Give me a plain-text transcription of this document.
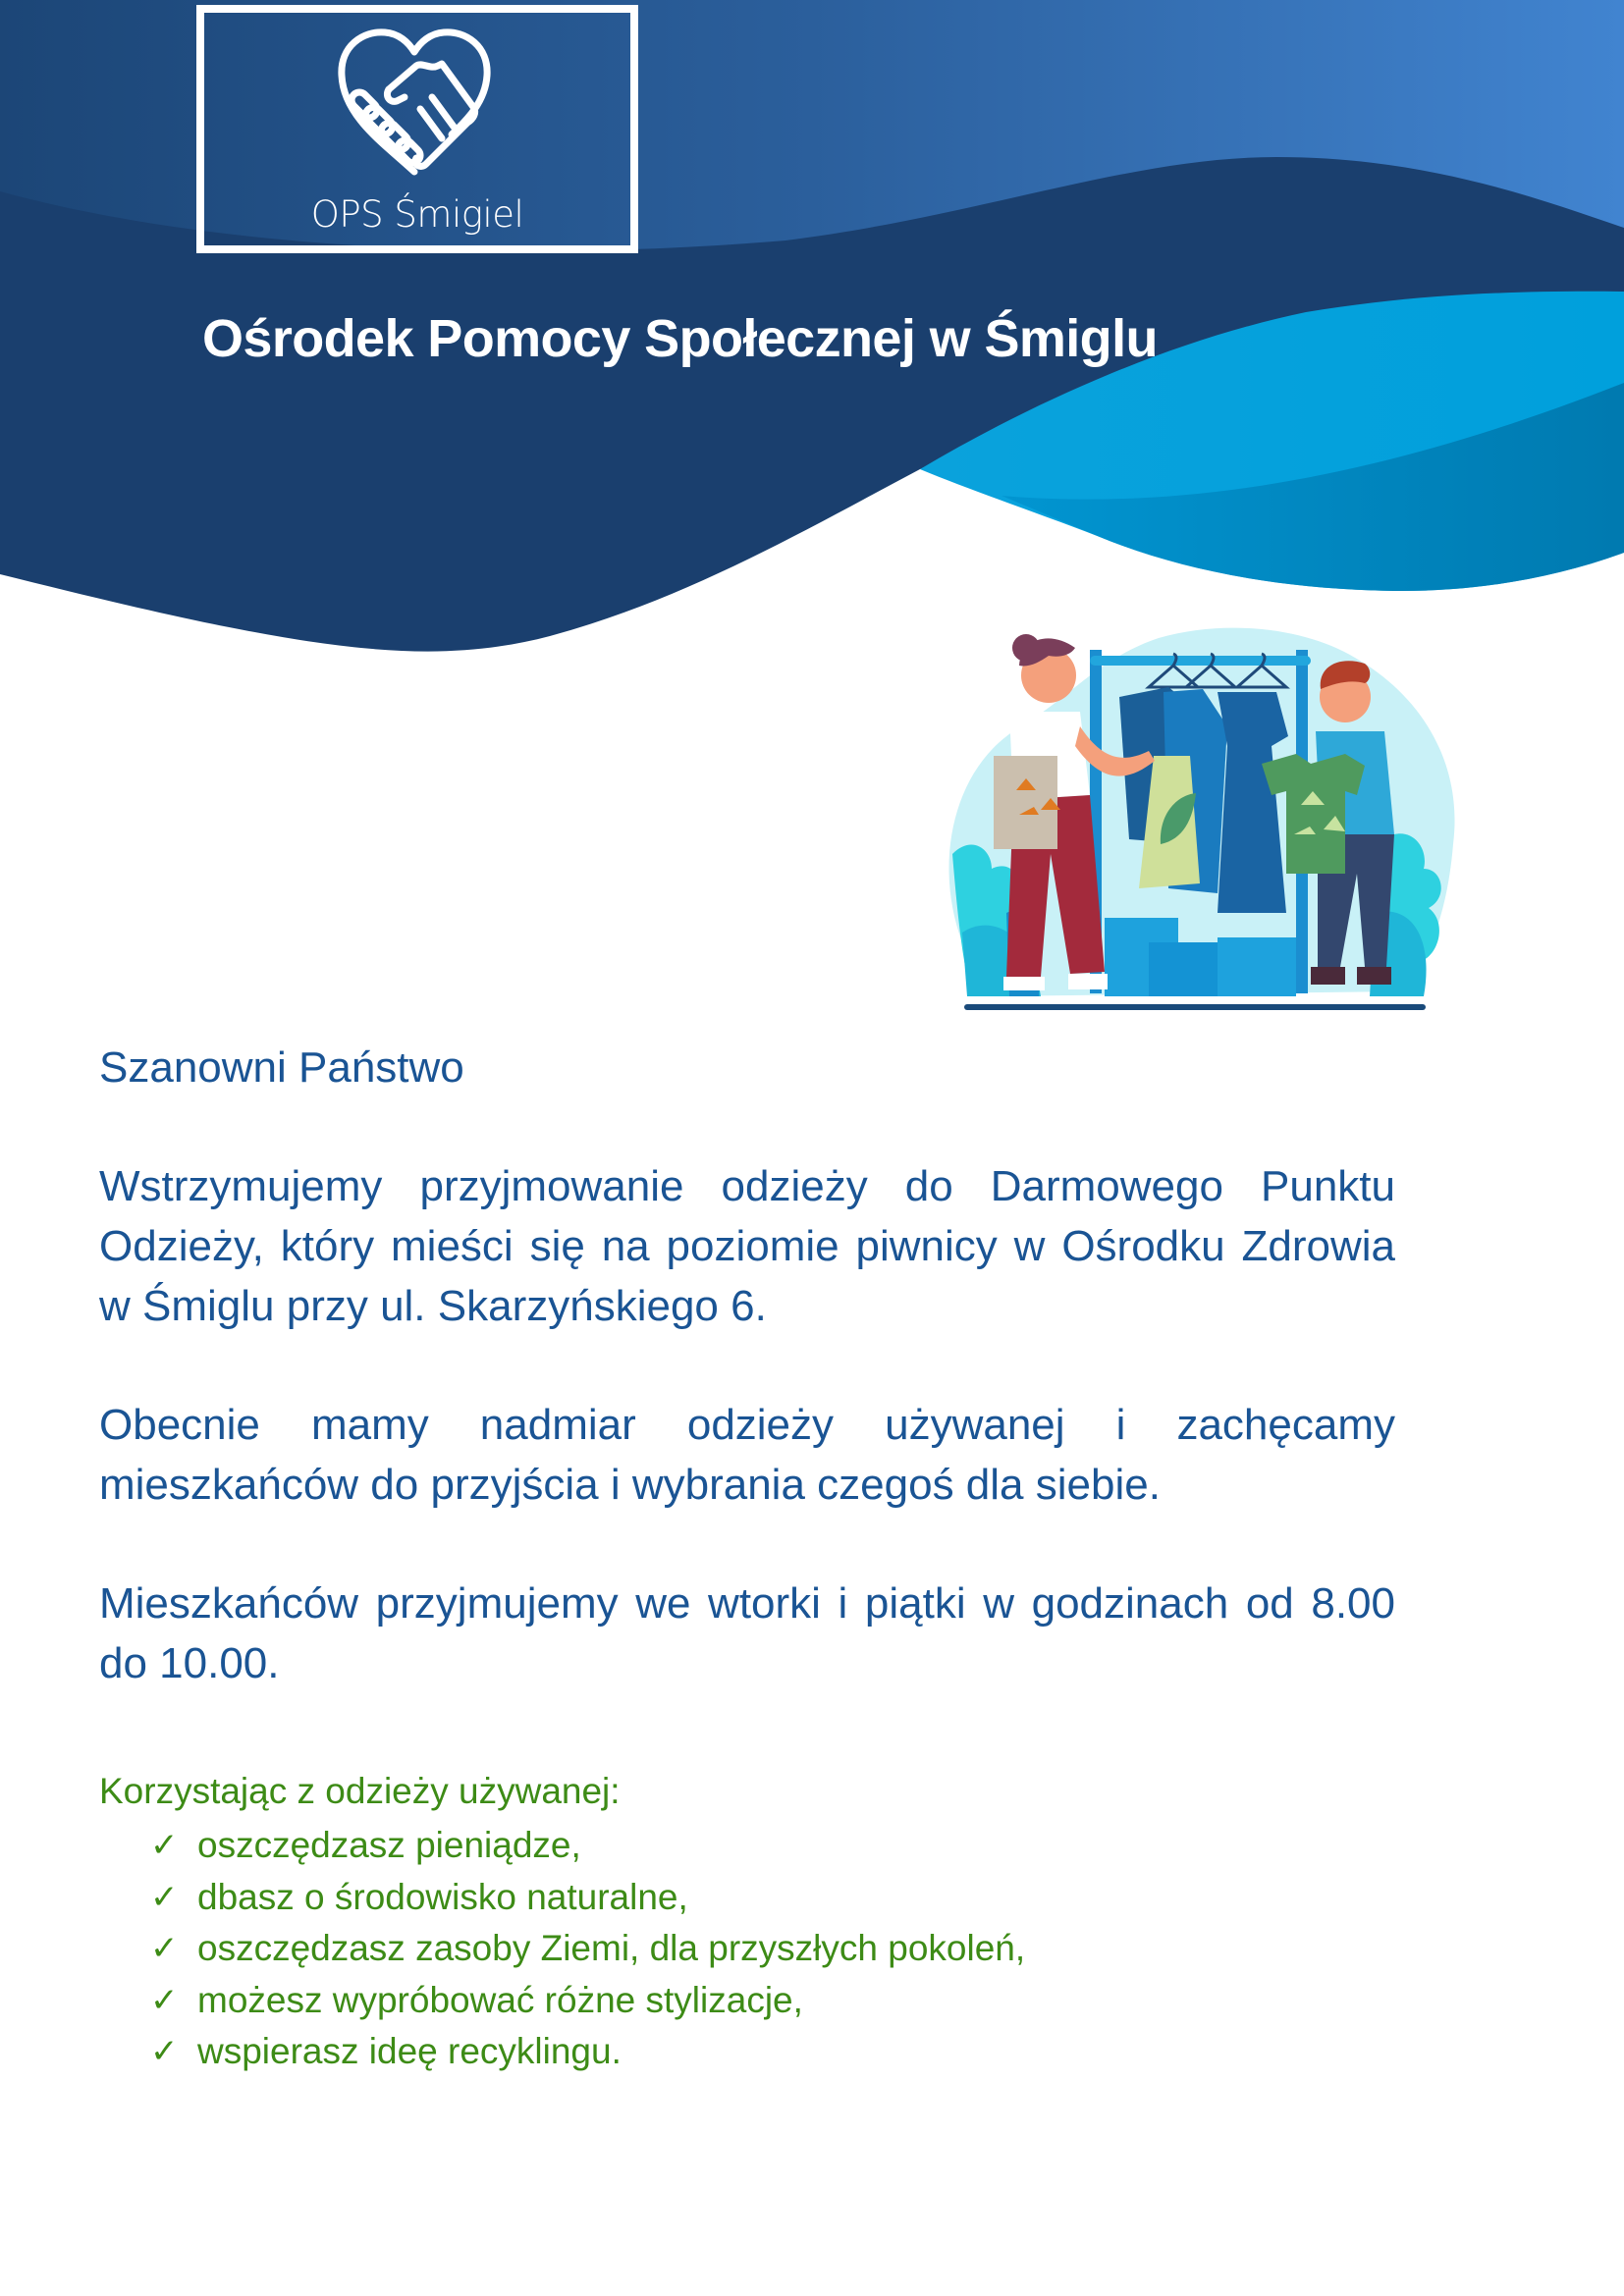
OPS Śmigiel
Ośrodek Pomocy Społecznej w Śmiglu

Szanowni Państwo

Wstrzymujemy przyjmowanie odzieży do Darmowego Punktu Odzieży, który mieści się na poziomie piwnicy w Ośrodku Zdrowia w Śmiglu przy ul. Skarzyńskiego 6.

Obecnie mamy nadmiar odzieży używanej i zachęcamy mieszkańców do przyjścia i wybrania czegoś dla siebie.

Mieszkańców przyjmujemy we wtorki i piątki w godzinach od 8.00 do 10.00.

Korzystając z odzieży używanej:

✓ oszczędzasz pieniądze,
✓ dbasz o środowisko naturalne,
✓ oszczędzasz zasoby Ziemi, dla przyszłych pokoleń,
✓ możesz wypróbować różne stylizacje,
✓ wspierasz ideę recyklingu.
